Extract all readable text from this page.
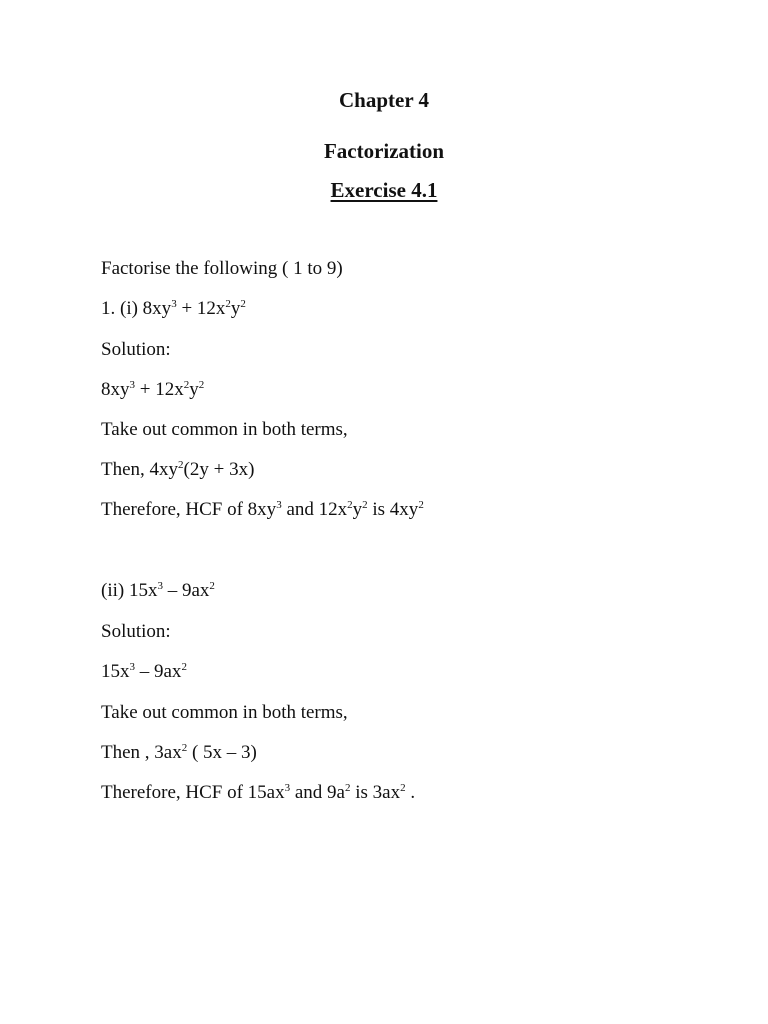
Chapter 4
Factorization
Exercise 4.1

Factorise the following ( 1 to 9)

1. (i) $8xy^3 + 12x^2y^2$

Solution:

$8xy^3 + 12x^2y^2$

Take out common in both terms,

Then, $4xy^2(2y + 3x)$

Therefore, HCF of $8xy^3$ and $12x^2y^2$ is $4xy^2$

(ii) $15x^3 - 9ax^2$

Solution:

$15x^3 - 9ax^2$

Take out common in both terms,

Then , $3ax^2$ ( 5x – 3)

Therefore, HCF of $15ax^3$ and $9a^2$ is $3ax^2$ .
